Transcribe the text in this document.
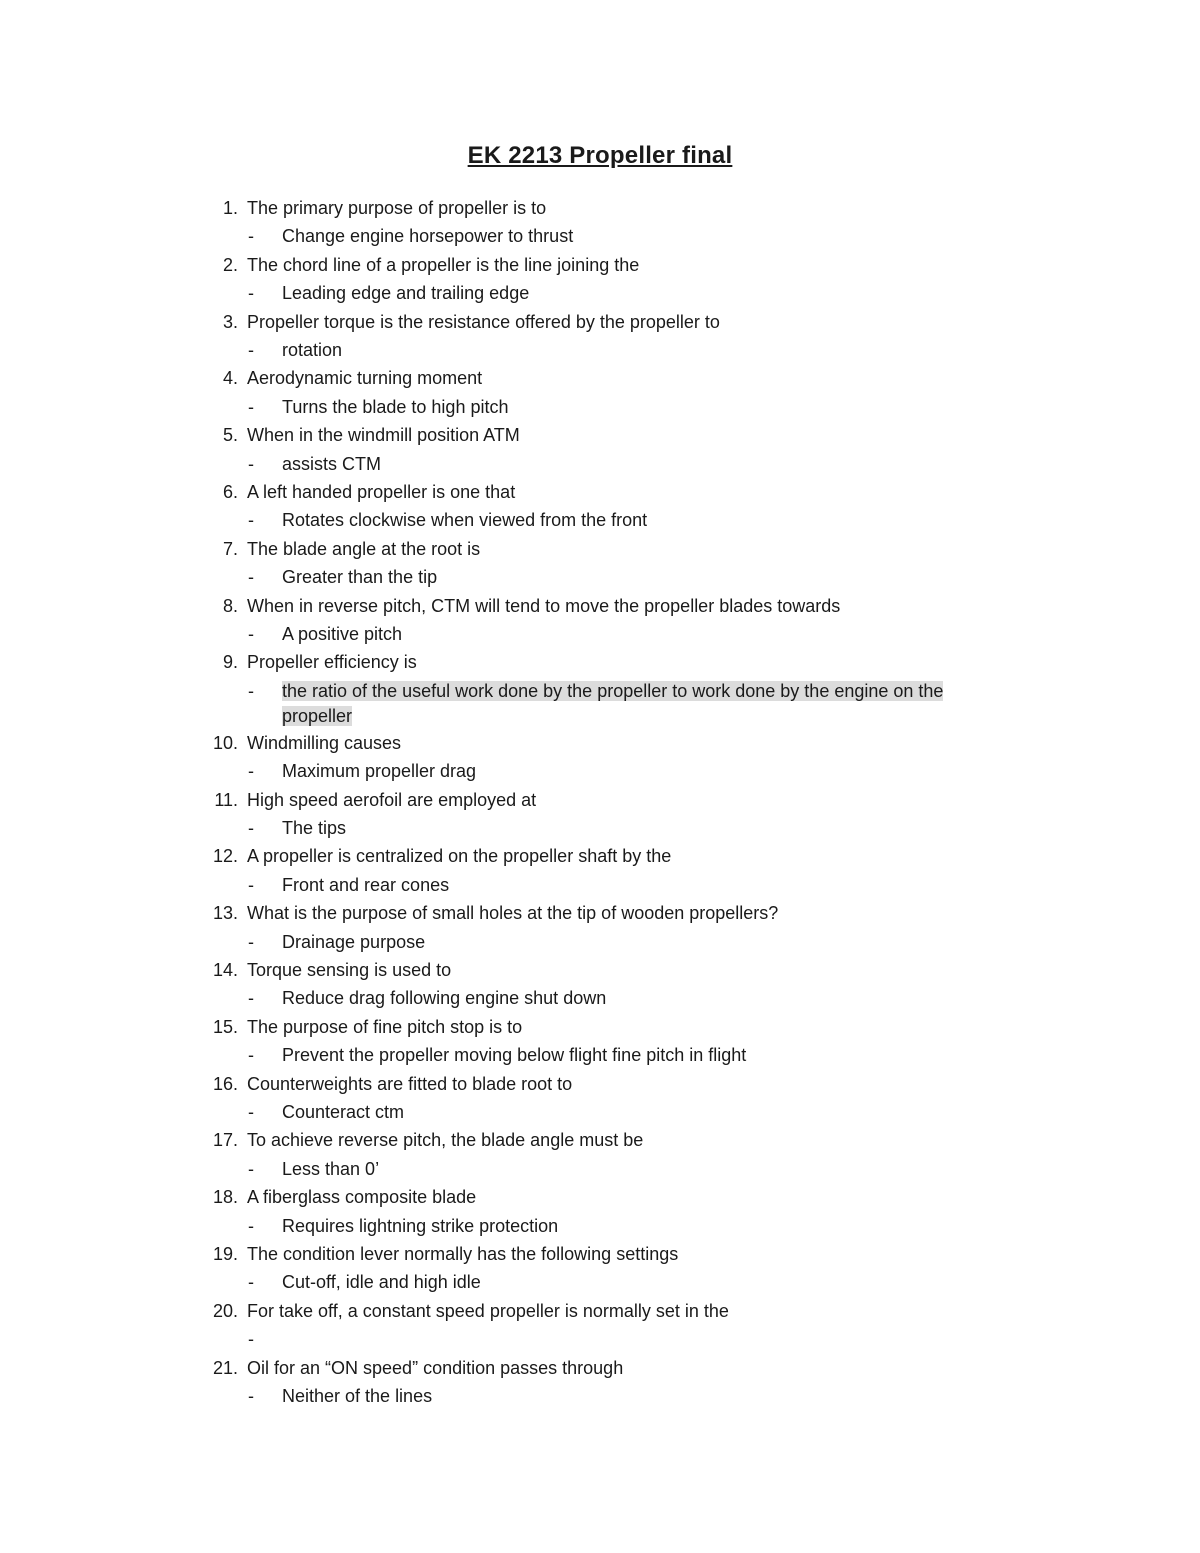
EK 2213 Propeller final
1. The primary purpose of propeller is to
- Change engine horsepower to thrust
2. The chord line of a propeller is the line joining the
- Leading edge and trailing edge
3. Propeller torque is the resistance offered by the propeller to
- rotation
4. Aerodynamic turning moment
- Turns the blade to high pitch
5. When in the windmill position ATM
- assists CTM
6. A left handed propeller is one that
- Rotates clockwise when viewed from the front
7. The blade angle at the root is
- Greater than the tip
8. When in reverse pitch, CTM will tend to move the propeller blades towards
- A positive pitch
9. Propeller efficiency is
- the ratio of the useful work done by the propeller to work done by the engine on the propeller
10. Windmilling causes
- Maximum propeller drag
11. High speed aerofoil are employed at
- The tips
12. A propeller is centralized on the propeller shaft by the
- Front and rear cones
13. What is the purpose of small holes at the tip of wooden propellers?
- Drainage purpose
14. Torque sensing is used to
- Reduce drag following engine shut down
15. The purpose of fine pitch stop is to
- Prevent the propeller moving below flight fine pitch in flight
16. Counterweights are fitted to blade root to
- Counteract ctm
17. To achieve reverse pitch, the blade angle must be
- Less than 0’
18. A fiberglass composite blade
- Requires lightning strike protection
19. The condition lever normally has the following settings
- Cut-off, idle and high idle
20. For take off, a constant speed propeller is normally set in the
-
21. Oil for an “ON speed” condition passes through
- Neither of the lines
